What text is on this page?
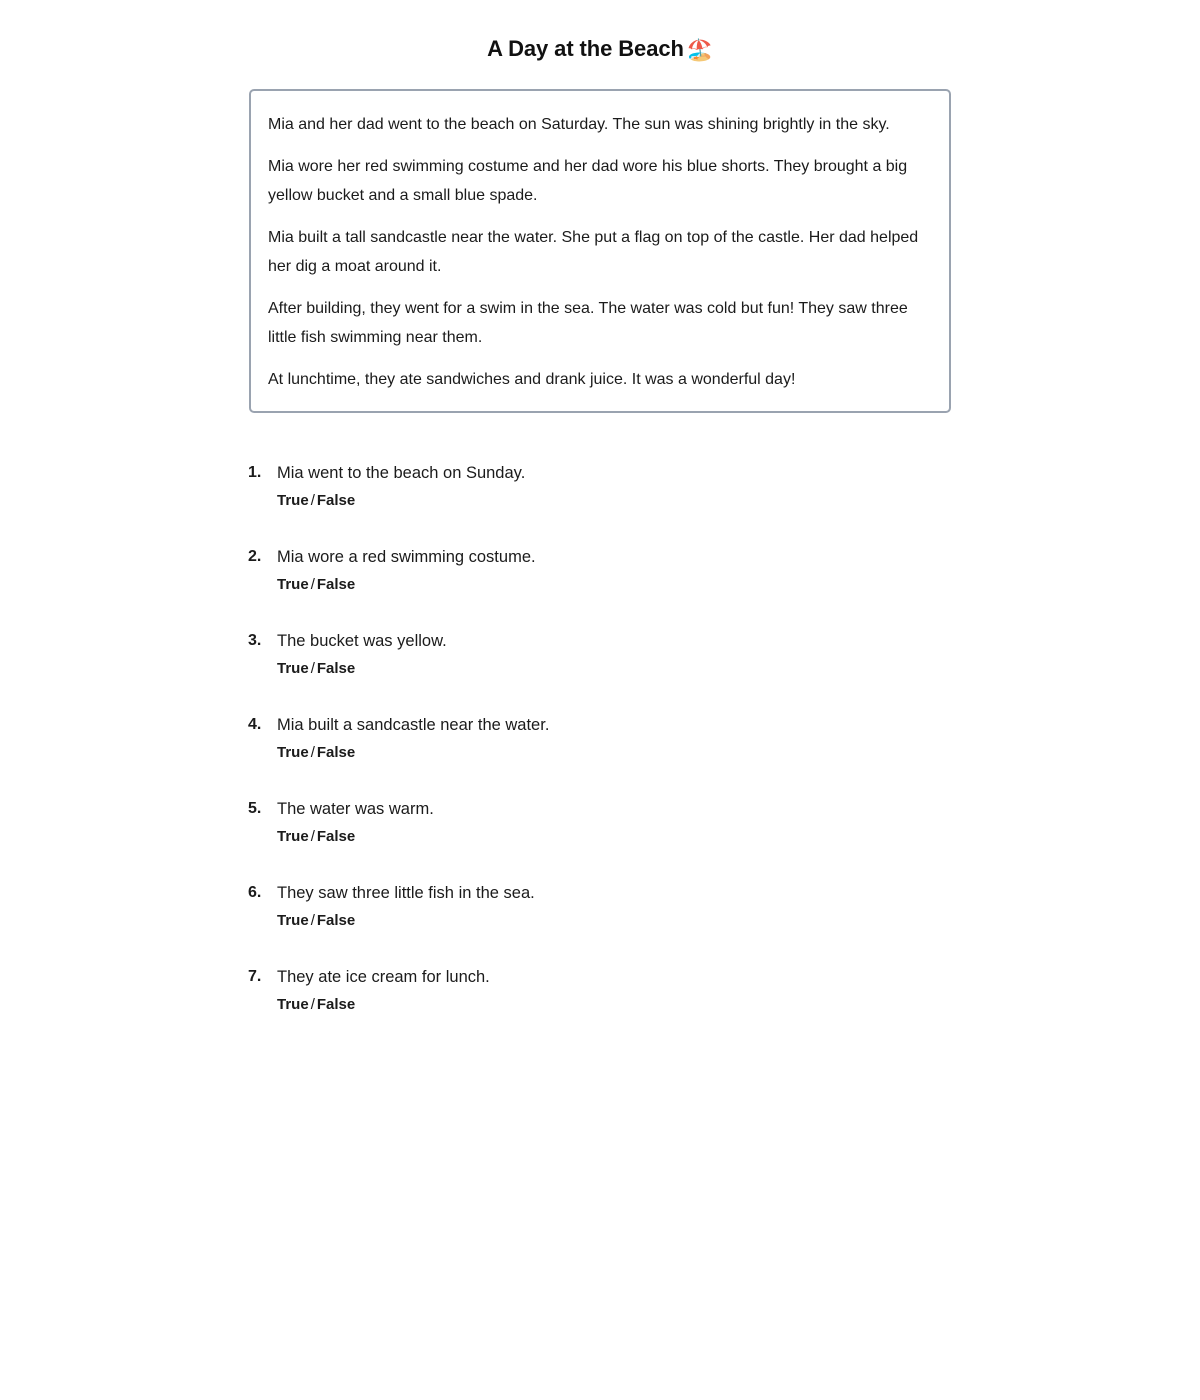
A Day at the Beach 🏖️

Mia and her dad went to the beach on Saturday. The sun was shining brightly in the sky.

Mia wore her red swimming costume and her dad wore his blue shorts. They brought a big yellow bucket and a small blue spade.

Mia built a tall sandcastle near the water. She put a flag on top of the castle. Her dad helped her dig a moat around it.

After building, they went for a swim in the sea. The water was cold but fun! They saw three little fish swimming near them.

At lunchtime, they ate sandwiches and drank juice. It was a wonderful day!

1. Mia went to the beach on Sunday.
True / False
2. Mia wore a red swimming costume.
True / False
3. The bucket was yellow.
True / False
4. Mia built a sandcastle near the water.
True / False
5. The water was warm.
True / False
6. They saw three little fish in the sea.
True / False
7. They ate ice cream for lunch.
True / False
